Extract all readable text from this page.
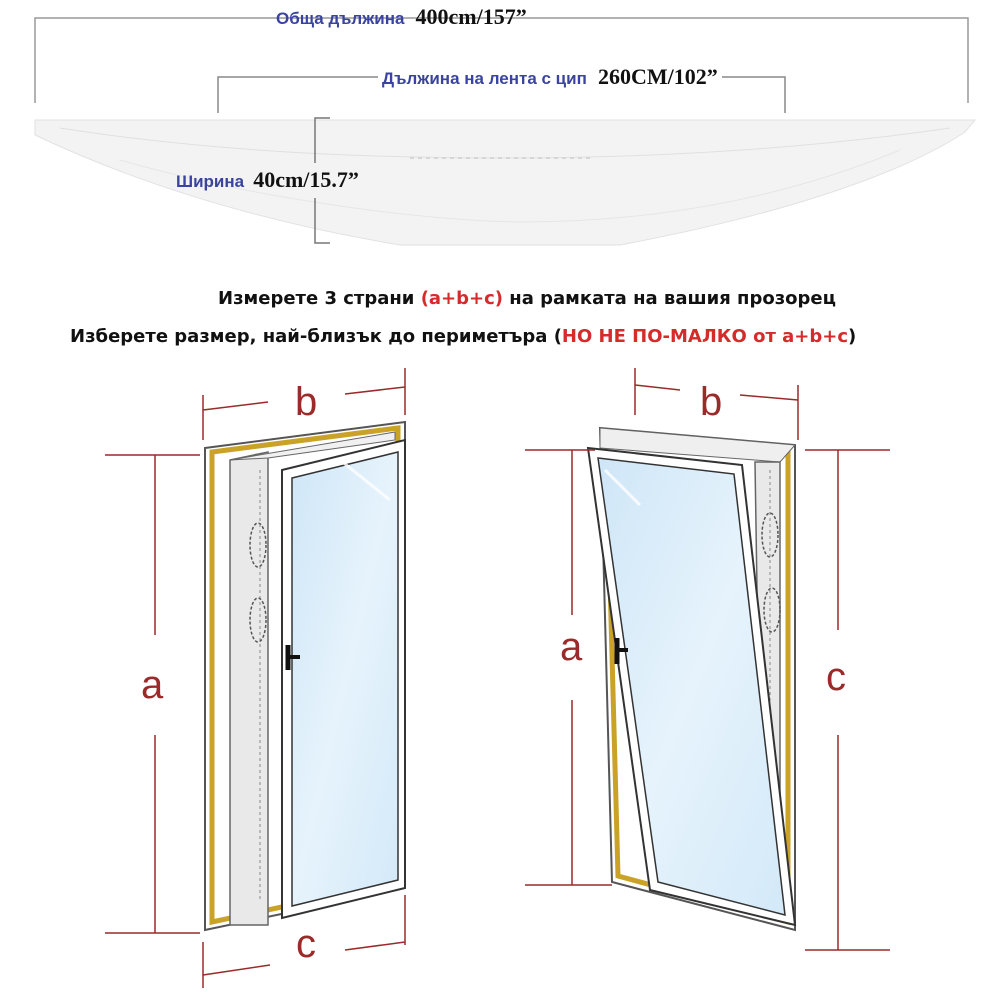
Обща дължина 400cm/157”
Дължина на лента с цип 260CM/102”
Ширина 40cm/15.7”
Измерете 3 страни (a+b+c) на рамката на вашия прозорец
Изберете размер, най-близък до периметъра (НО НЕ ПО-МАЛКО от a+b+c)
b
a
c
b
a
c
